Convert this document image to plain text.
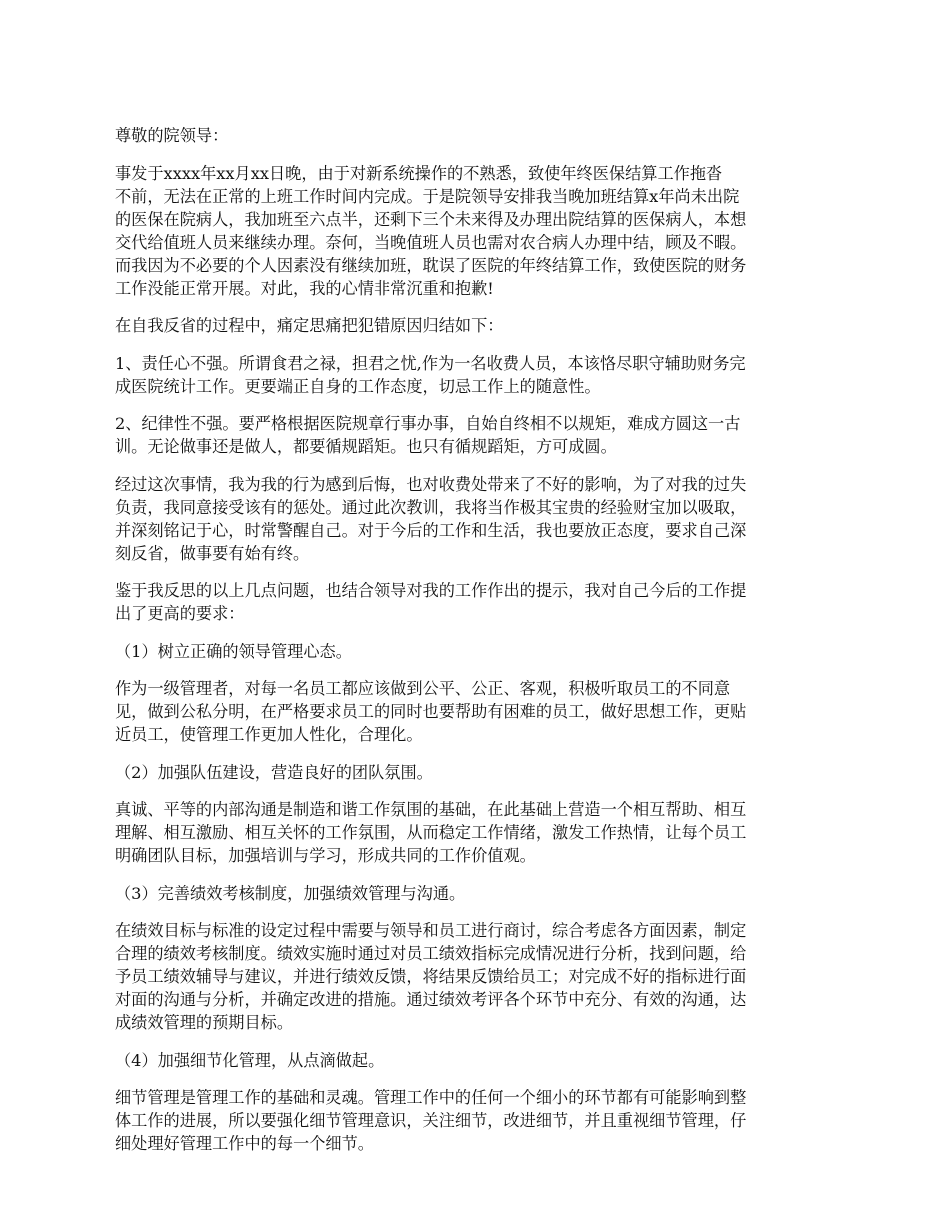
尊敬的院领导：

事发于xxxx年xx月xx日晚，由于对新系统操作的不熟悉，致使年终医保结算工作拖沓
不前，无法在正常的上班工作时间内完成。于是院领导安排我当晚加班结算x年尚未出院
的医保在院病人，我加班至六点半，还剩下三个未来得及办理出院结算的医保病人，本想
交代给值班人员来继续办理。奈何，当晚值班人员也需对农合病人办理中结，顾及不暇。
而我因为不必要的个人因素没有继续加班，耽误了医院的年终结算工作，致使医院的财务
工作没能正常开展。对此，我的心情非常沉重和抱歉!

在自我反省的过程中，痛定思痛把犯错原因归结如下：

1、责任心不强。所谓食君之禄，担君之忧,作为一名收费人员，本该恪尽职守辅助财务完
成医院统计工作。更要端正自身的工作态度，切忌工作上的随意性。

2、纪律性不强。要严格根据医院规章行事办事，自始自终相不以规矩，难成方圆这一古
训。无论做事还是做人，都要循规蹈矩。也只有循规蹈矩，方可成圆。

经过这次事情，我为我的行为感到后悔，也对收费处带来了不好的影响，为了对我的过失
负责，我同意接受该有的惩处。通过此次教训，我将当作极其宝贵的经验财宝加以吸取，
并深刻铭记于心，时常警醒自己。对于今后的工作和生活，我也要放正态度，要求自己深
刻反省，做事要有始有终。

鉴于我反思的以上几点问题，也结合领导对我的工作作出的提示，我对自己今后的工作提
出了更高的要求：

（1）树立正确的领导管理心态。

作为一级管理者，对每一名员工都应该做到公平、公正、客观，积极听取员工的不同意
见，做到公私分明，在严格要求员工的同时也要帮助有困难的员工，做好思想工作，更贴
近员工，使管理工作更加人性化，合理化。

（2）加强队伍建设，营造良好的团队氛围。

真诚、平等的内部沟通是制造和谐工作氛围的基础，在此基础上营造一个相互帮助、相互
理解、相互激励、相互关怀的工作氛围，从而稳定工作情绪，激发工作热情，让每个员工
明确团队目标，加强培训与学习，形成共同的工作价值观。

（3）完善绩效考核制度，加强绩效管理与沟通。

在绩效目标与标准的设定过程中需要与领导和员工进行商讨，综合考虑各方面因素，制定
合理的绩效考核制度。绩效实施时通过对员工绩效指标完成情况进行分析，找到问题，给
予员工绩效辅导与建议，并进行绩效反馈，将结果反馈给员工；对完成不好的指标进行面
对面的沟通与分析，并确定改进的措施。通过绩效考评各个环节中充分、有效的沟通，达
成绩效管理的预期目标。

（4）加强细节化管理，从点滴做起。

细节管理是管理工作的基础和灵魂。管理工作中的任何一个细小的环节都有可能影响到整
体工作的进展，所以要强化细节管理意识，关注细节，改进细节，并且重视细节管理，仔
细处理好管理工作中的每一个细节。
